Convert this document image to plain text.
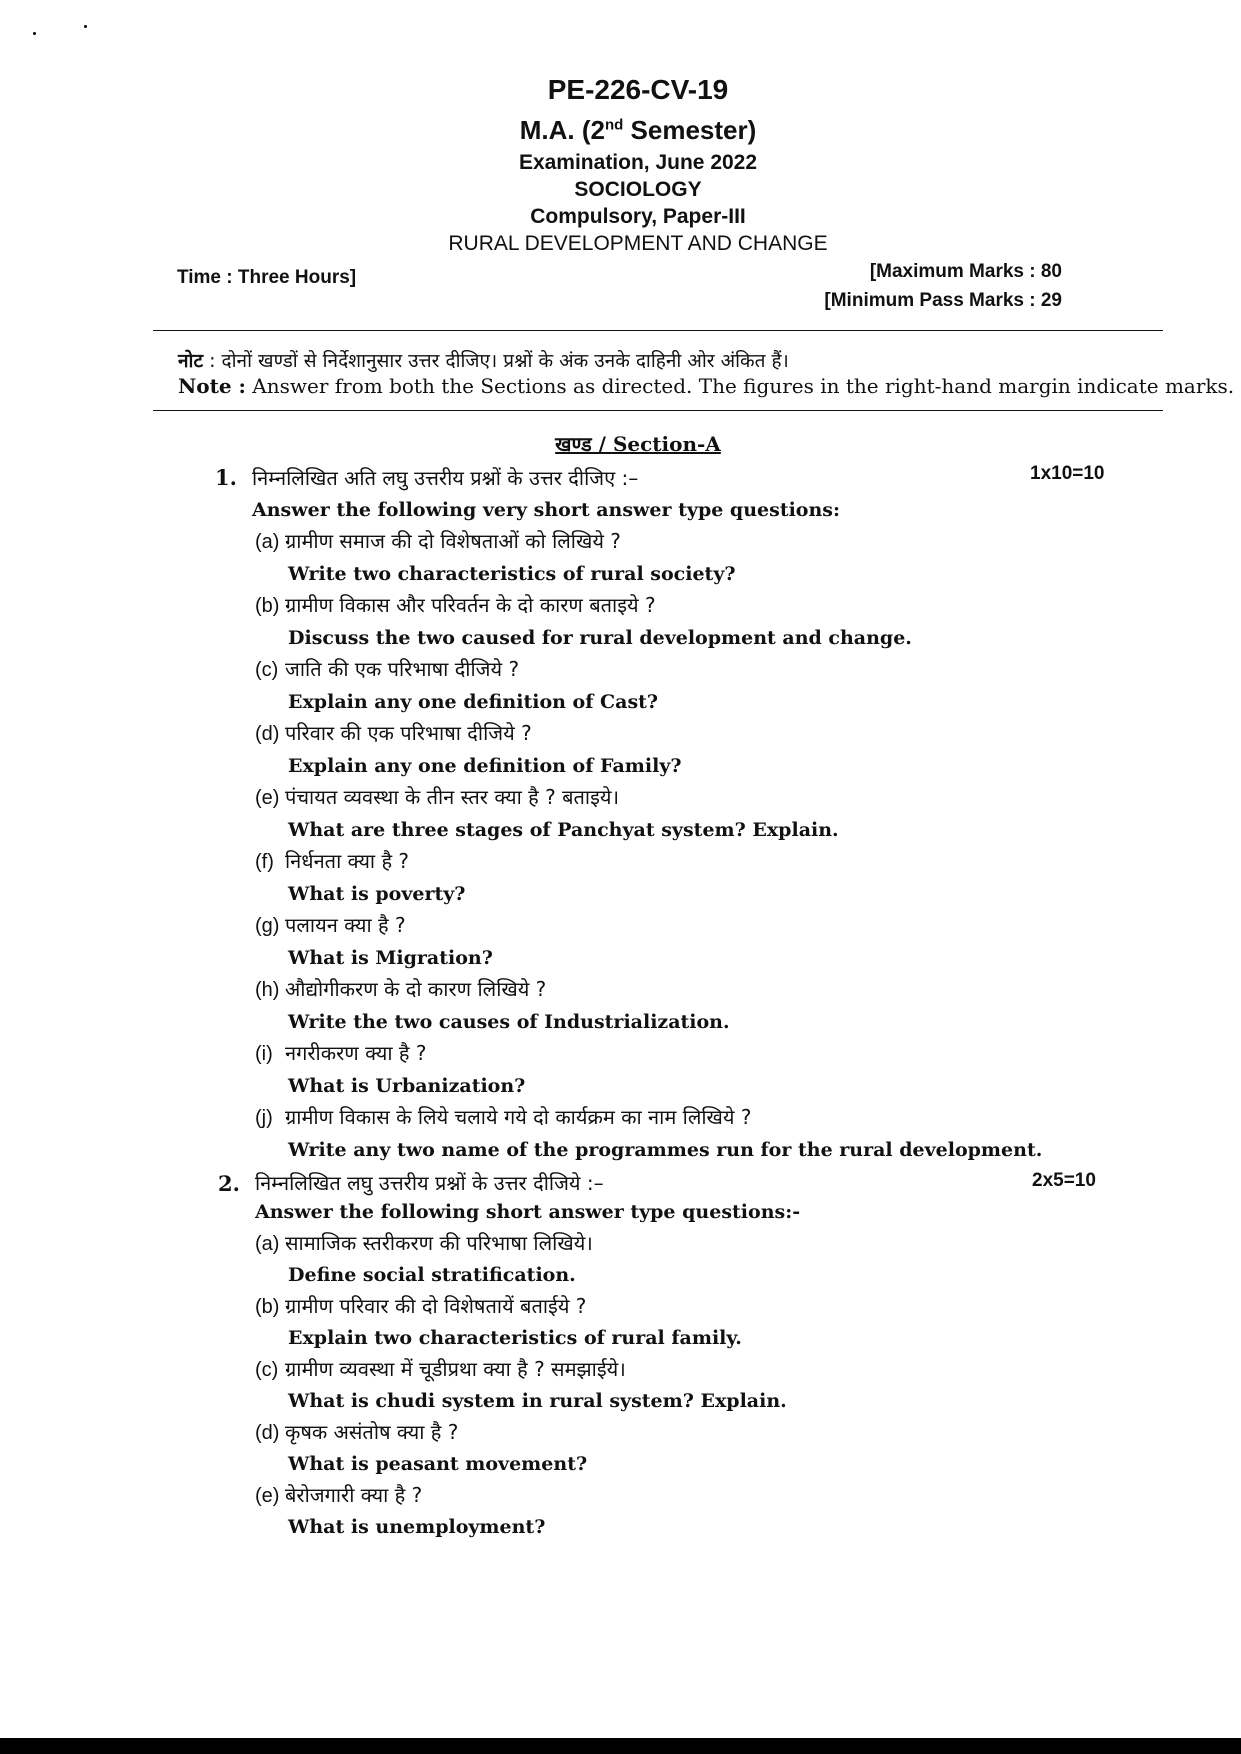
PE-226-CV-19
M.A. (2nd Semester)
Examination, June 2022
SOCIOLOGY
Compulsory, Paper-III
RURAL DEVELOPMENT AND CHANGE
Time : Three Hours]	[Maximum Marks : 80
[Minimum Pass Marks : 29
नोट : दोनों खण्डों से निर्देशानुसार उत्तर दीजिए। प्रश्नों के अंक उनके दाहिनी ओर अंकित हैं।
Note : Answer from both the Sections as directed. The figures in the right-hand margin indicate marks.
खण्ड / Section-A
1. निम्नलिखित अति लघु उत्तरीय प्रश्नों के उत्तर दीजिए :–	1x10=10
Answer the following very short answer type questions:
(a) ग्रामीण समाज की दो विशेषताओं को लिखिये ?
Write two characteristics of rural society?
(b) ग्रामीण विकास और परिवर्तन के दो कारण बताइये ?
Discuss the two caused for rural development and change.
(c) जाति की एक परिभाषा दीजिये ?
Explain any one definition of Cast?
(d) परिवार की एक परिभाषा दीजिये ?
Explain any one definition of Family?
(e) पंचायत व्यवस्था के तीन स्तर क्या है ? बताइये।
What are three stages of Panchyat system? Explain.
(f) निर्धनता क्या है ?
What is poverty?
(g) पलायन क्या है ?
What is Migration?
(h) औद्योगीकरण के दो कारण लिखिये ?
Write the two causes of Industrialization.
(i) नगरीकरण क्या है ?
What is Urbanization?
(j) ग्रामीण विकास के लिये चलाये गये दो कार्यक्रम का नाम लिखिये ?
Write any two name of the programmes run for the rural development.
2. निम्नलिखित लघु उत्तरीय प्रश्नों के उत्तर दीजिये :–	2x5=10
Answer the following short answer type questions:-
(a) सामाजिक स्तरीकरण की परिभाषा लिखिये।
Define social stratification.
(b) ग्रामीण परिवार की दो विशेषतायें बताईये ?
Explain two characteristics of rural family.
(c) ग्रामीण व्यवस्था में चूडीप्रथा क्या है ? समझाईये।
What is chudi system in rural system? Explain.
(d) कृषक असंतोष क्या है ?
What is peasant movement?
(e) बेरोजगारी क्या है ?
What is unemployment?
